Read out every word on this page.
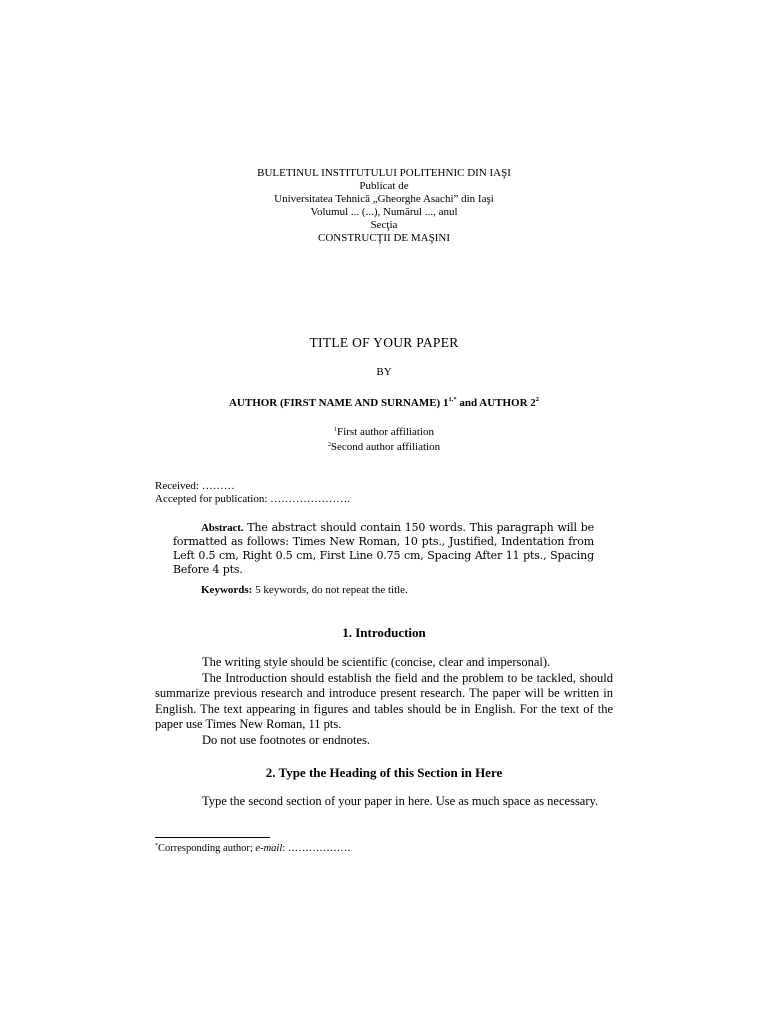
BULETINUL INSTITUTULUI POLITEHNIC DIN IAŞI
Publicat de
Universitatea Tehnică „Gheorghe Asachi” din Iaşi
Volumul ... (...), Numărul ..., anul
Secţia
CONSTRUCŢII DE MAŞINI
TITLE OF YOUR PAPER
BY
AUTHOR (FIRST NAME AND SURNAME) $1^{1,*}$ and AUTHOR $2^2$
$^1$First author affiliation
$^2$Second author affiliation
Received: ………
Accepted for publication: ………………….
Abstract. The abstract should contain 150 words. This paragraph will be formatted as follows: Times New Roman, 10 pts., Justified, Indentation from Left 0.5 cm, Right 0.5 cm, First Line 0.75 cm, Spacing After 11 pts., Spacing Before 4 pts.
Keywords: 5 keywords, do not repeat the title.
1. Introduction

The writing style should be scientific (concise, clear and impersonal).

The Introduction should establish the field and the problem to be tackled, should summarize previous research and introduce present research. The paper will be written in English. The text appearing in figures and tables should be in English. For the text of the paper use Times New Roman, 11 pts.

Do not use footnotes or endnotes.

2. Type the Heading of this Section in Here

Type the second section of your paper in here. Use as much space as necessary.

*Corresponding author; e-mail: ………………
